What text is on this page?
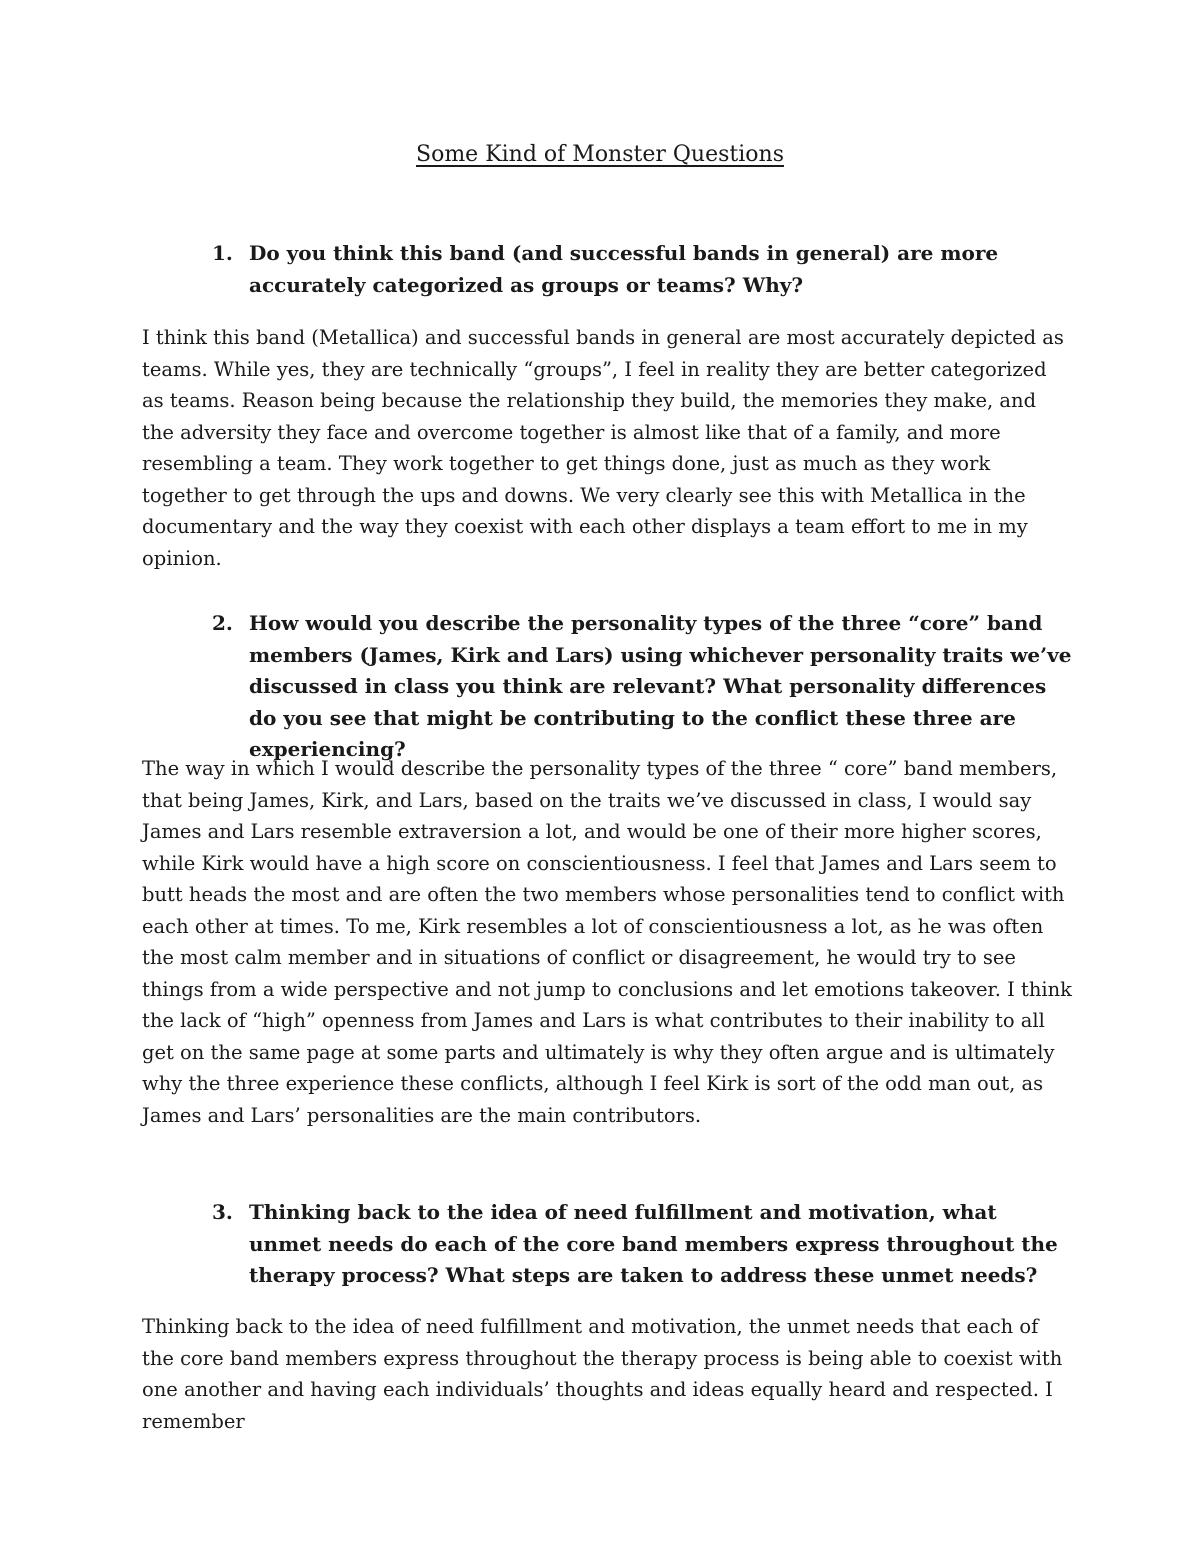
Some Kind of Monster Questions
1. Do you think this band (and successful bands in general) are more accurately categorized as groups or teams? Why?

I think this band (Metallica) and successful bands in general are most accurately depicted as teams. While yes, they are technically “groups”, I feel in reality they are better categorized as teams. Reason being because the relationship they build, the memories they make, and the adversity they face and overcome together is almost like that of a family, and more resembling a team. They work together to get things done, just as much as they work together to get through the ups and downs. We very clearly see this with Metallica in the documentary and the way they coexist with each other displays a team effort to me in my opinion.

2. How would you describe the personality types of the three “core” band members (James, Kirk and Lars) using whichever personality traits we’ve discussed in class you think are relevant? What personality differences do you see that might be contributing to the conflict these three are experiencing?

The way in which I would describe the personality types of the three “ core” band members, that being James, Kirk, and Lars, based on the traits we’ve discussed in class, I would say James and Lars resemble extraversion a lot, and would be one of their more higher scores, while Kirk would have a high score on conscientiousness. I feel that James and Lars seem to butt heads the most and are often the two members whose personalities tend to conflict with each other at times. To me, Kirk resembles a lot of conscientiousness a lot, as he was often the most calm member and in situations of conflict or disagreement, he would try to see things from a wide perspective and not jump to conclusions and let emotions takeover. I think the lack of “high” openness from James and Lars is what contributes to their inability to all get on the same page at some parts and ultimately is why they often argue and is ultimately why the three experience these conflicts, although I feel Kirk is sort of the odd man out, as James and Lars’ personalities are the main contributors.

3. Thinking back to the idea of need fulfillment and motivation, what unmet needs do each of the core band members express throughout the therapy process? What steps are taken to address these unmet needs?

Thinking back to the idea of need fulfillment and motivation, the unmet needs that each of the core band members express throughout the therapy process is being able to coexist with one another and having each individuals’ thoughts and ideas equally heard and respected. I remember
